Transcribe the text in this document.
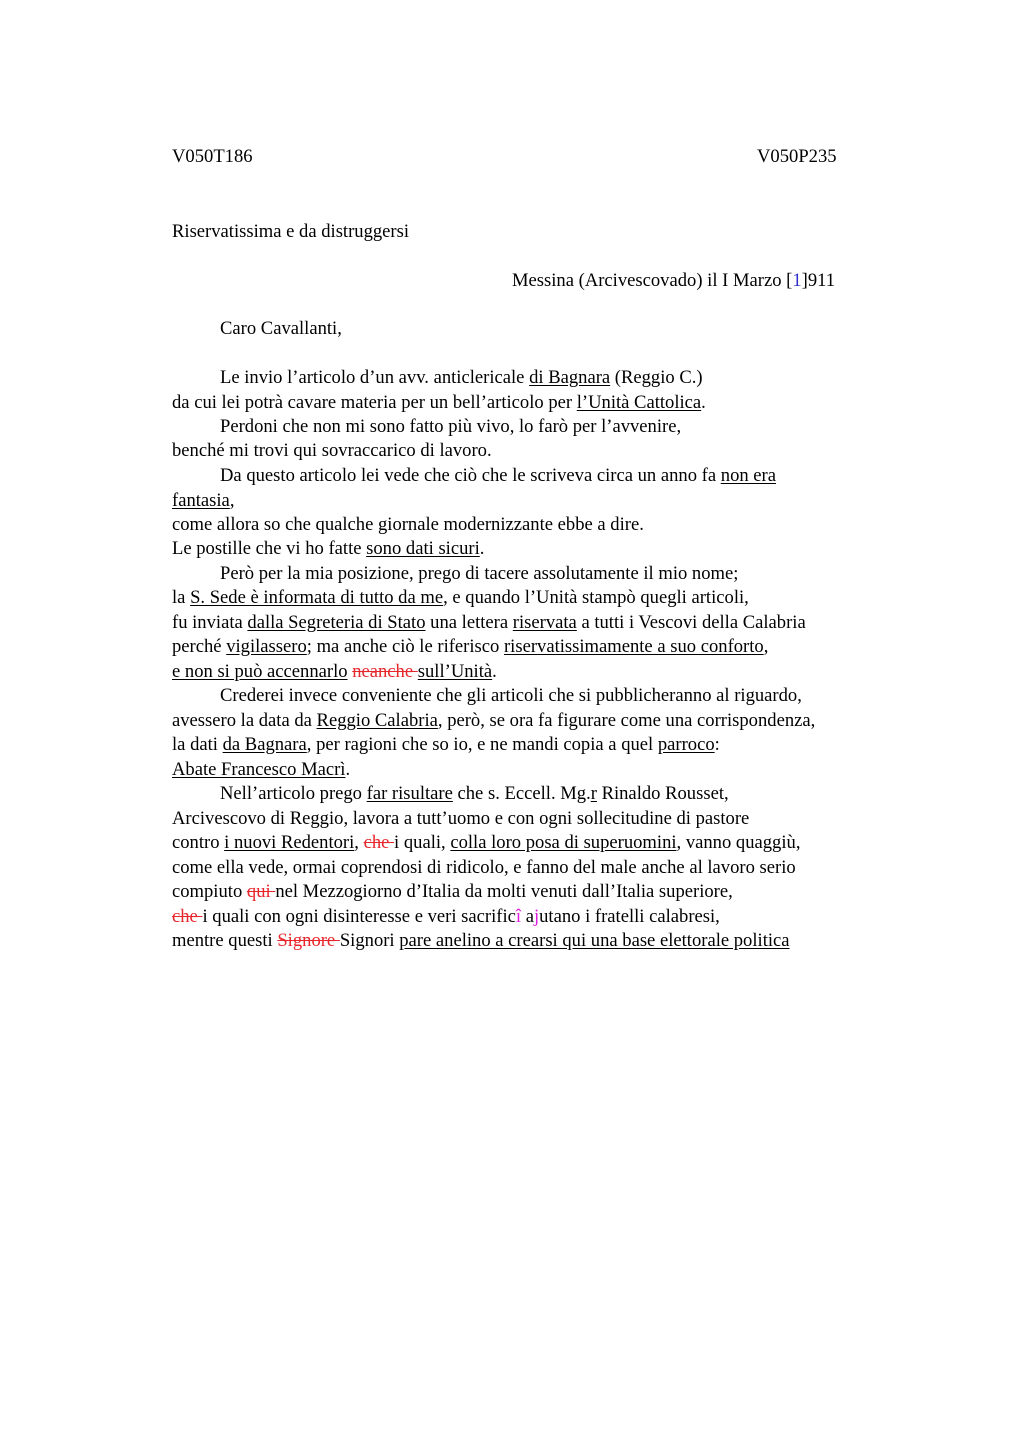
V050T186	V050P235
Riservatissima e da distruggersi
Messina (Arcivescovado) il I Marzo [1]911
Caro Cavallanti,
Le invio l’articolo d’un avv. anticlericale di Bagnara (Reggio C.)
da cui lei potrà cavare materia per un bell’articolo per l’Unità Cattolica.
Perdoni che non mi sono fatto più vivo, lo farò per l’avvenire,
benché mi trovi qui sovraccarico di lavoro.
Da questo articolo lei vede che ciò che le scriveva circa un anno fa non era
fantasia,
come allora so che qualche giornale modernizzante ebbe a dire.
Le postille che vi ho fatte sono dati sicuri.
Però per la mia posizione, prego di tacere assolutamente il mio nome;
la S. Sede è informata di tutto da me, e quando l’Unità stampò quegli articoli,
fu inviata dalla Segreteria di Stato una lettera riservata a tutti i Vescovi della Calabria
perché vigilassero; ma anche ciò le riferisco riservatissimamente a suo conforto,
e non si può accennarlo neanche sull’Unità.
Crederei invece conveniente che gli articoli che si pubblicheranno al riguardo,
avessero la data da Reggio Calabria, però, se ora fa figurare come una corrispondenza,
la dati da Bagnara, per ragioni che so io, e ne mandi copia a quel parroco:
Abate Francesco Macrì.
Nell’articolo prego far risultare che s. Eccell. Mg.r Rinaldo Rousset,
Arcivescovo di Reggio, lavora a tutt’uomo e con ogni sollecitudine di pastore
contro i nuovi Redentori, che i quali, colla loro posa di superuomini, vanno quaggiù,
come ella vede, ormai coprendosi di ridicolo, e fanno del male anche al lavoro serio
compiuto qui nel Mezzogiorno d’Italia da molti venuti dall’Italia superiore,
che i quali con ogni disinteresse e veri sacrificî ajutano i fratelli calabresi,
mentre questi Signore Signori pare anelino a crearsi qui una base elettorale politica
